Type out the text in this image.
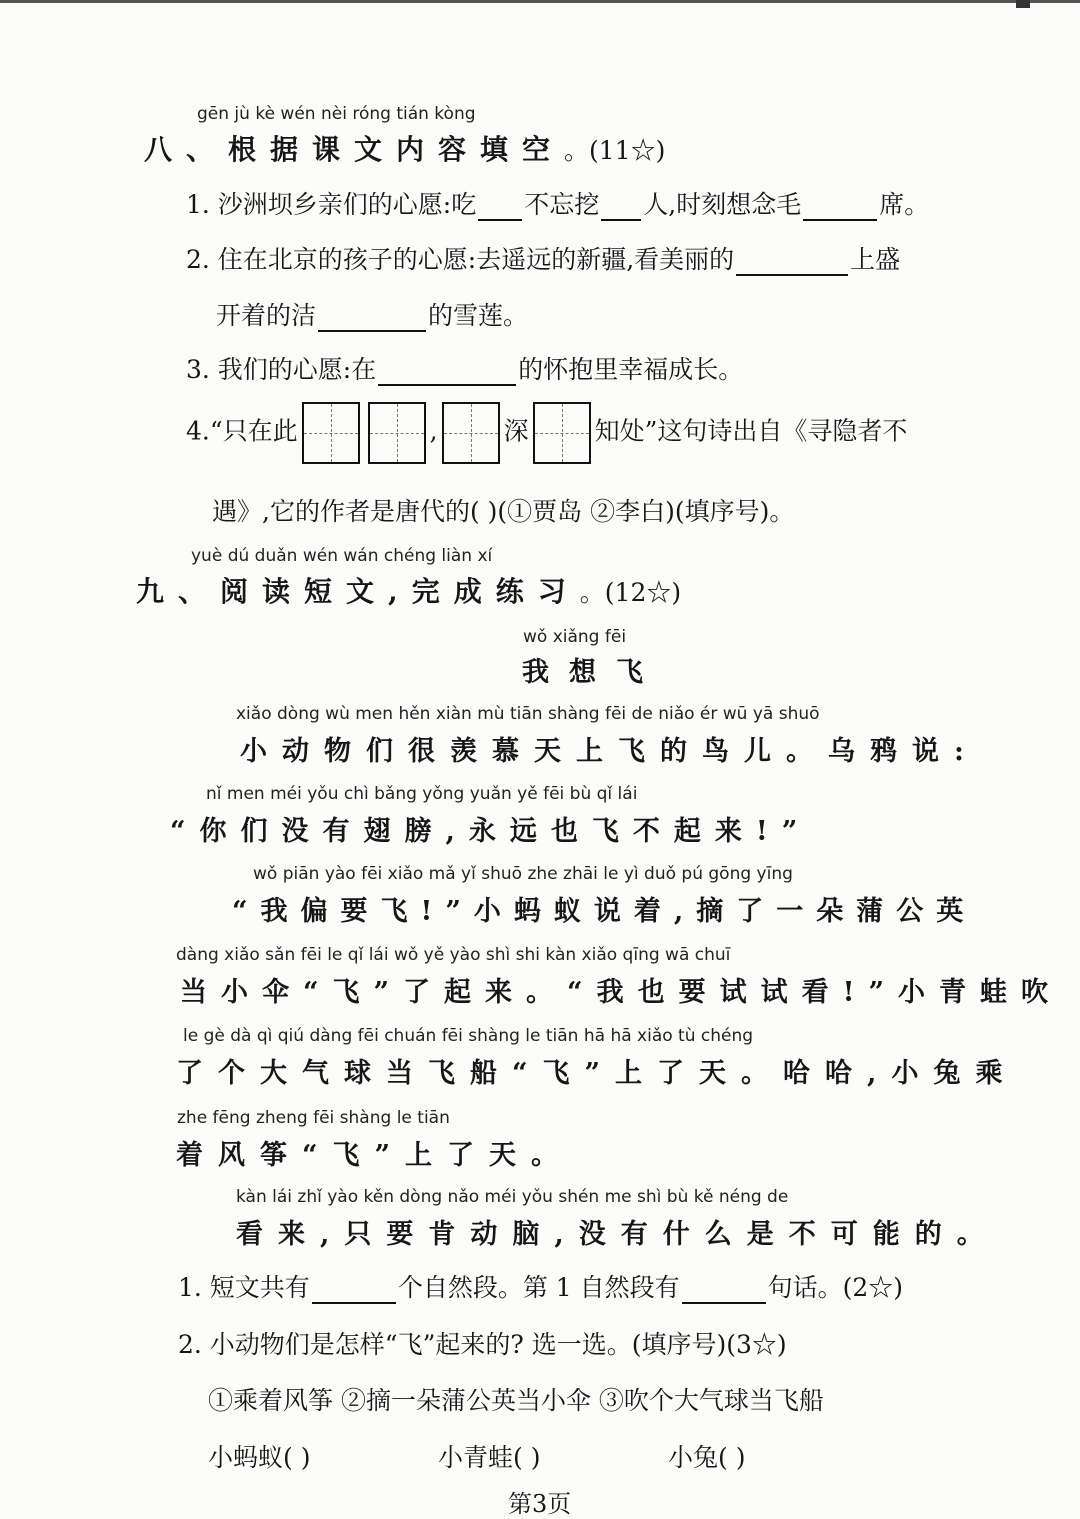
gēn jù kè wén nèi róng tián kòng
八、根据课文内容填空。(11☆)
1. 沙洲坝乡亲们的心愿:吃 不忘挖 人,时刻想念毛	席。
2. 住在北京的孩子的心愿:去遥远的新疆,看美丽的	上盛
开着的洁	的雪莲。
3. 我们的心愿:在	的怀抱里幸福成长。
4.“只在此	,	深	知处”这句诗出自《寻隐者不
遇》,它的作者是唐代的( )(①贾岛 ②李白)(填序号)。
yuè dú duǎn wén wán chéng liàn xí
九、阅读短文,完成练习。(12☆)
wǒ xiǎng fēi
我想飞
xiǎo dòng wù men hěn xiàn mù tiān shàng fēi de niǎo ér wū yā shuō
小动物们很羡慕天上飞的鸟儿。乌鸦说:
nǐ men méi yǒu chì bǎng yǒng yuǎn yě fēi bù qǐ lái
“你们没有翅膀,永远也飞不起来!”
wǒ piān yào fēi xiǎo mǎ yǐ shuō zhe zhāi le yì duǒ pú gōng yīng
“我偏要飞!”小蚂蚁说着,摘了一朵蒲公英
dàng xiǎo sǎn fēi le qǐ lái wǒ yě yào shì shi kàn xiǎo qīng wā chuī
当小伞“飞”了起来。“我也要试试看!”小青蛙吹
le gè dà qì qiú dàng fēi chuán fēi shàng le tiān hā hā xiǎo tù chéng
了个大气球当飞船“飞”上了天。哈哈,小兔乘
zhe fēng zheng fēi shàng le tiān
着风筝“飞”上了天。
kàn lái zhǐ yào kěn dòng nǎo méi yǒu shén me shì bù kě néng de
看来,只要肯动脑,没有什么是不可能的。
1. 短文共有	个自然段。第 1 自然段有	句话。(2☆)
2. 小动物们是怎样“飞”起来的? 选一选。(填序号)(3☆)
①乘着风筝 ②摘一朵蒲公英当小伞 ③吹个大气球当飞船
小蚂蚁( )	小青蛙( )	小兔( )
第3页
